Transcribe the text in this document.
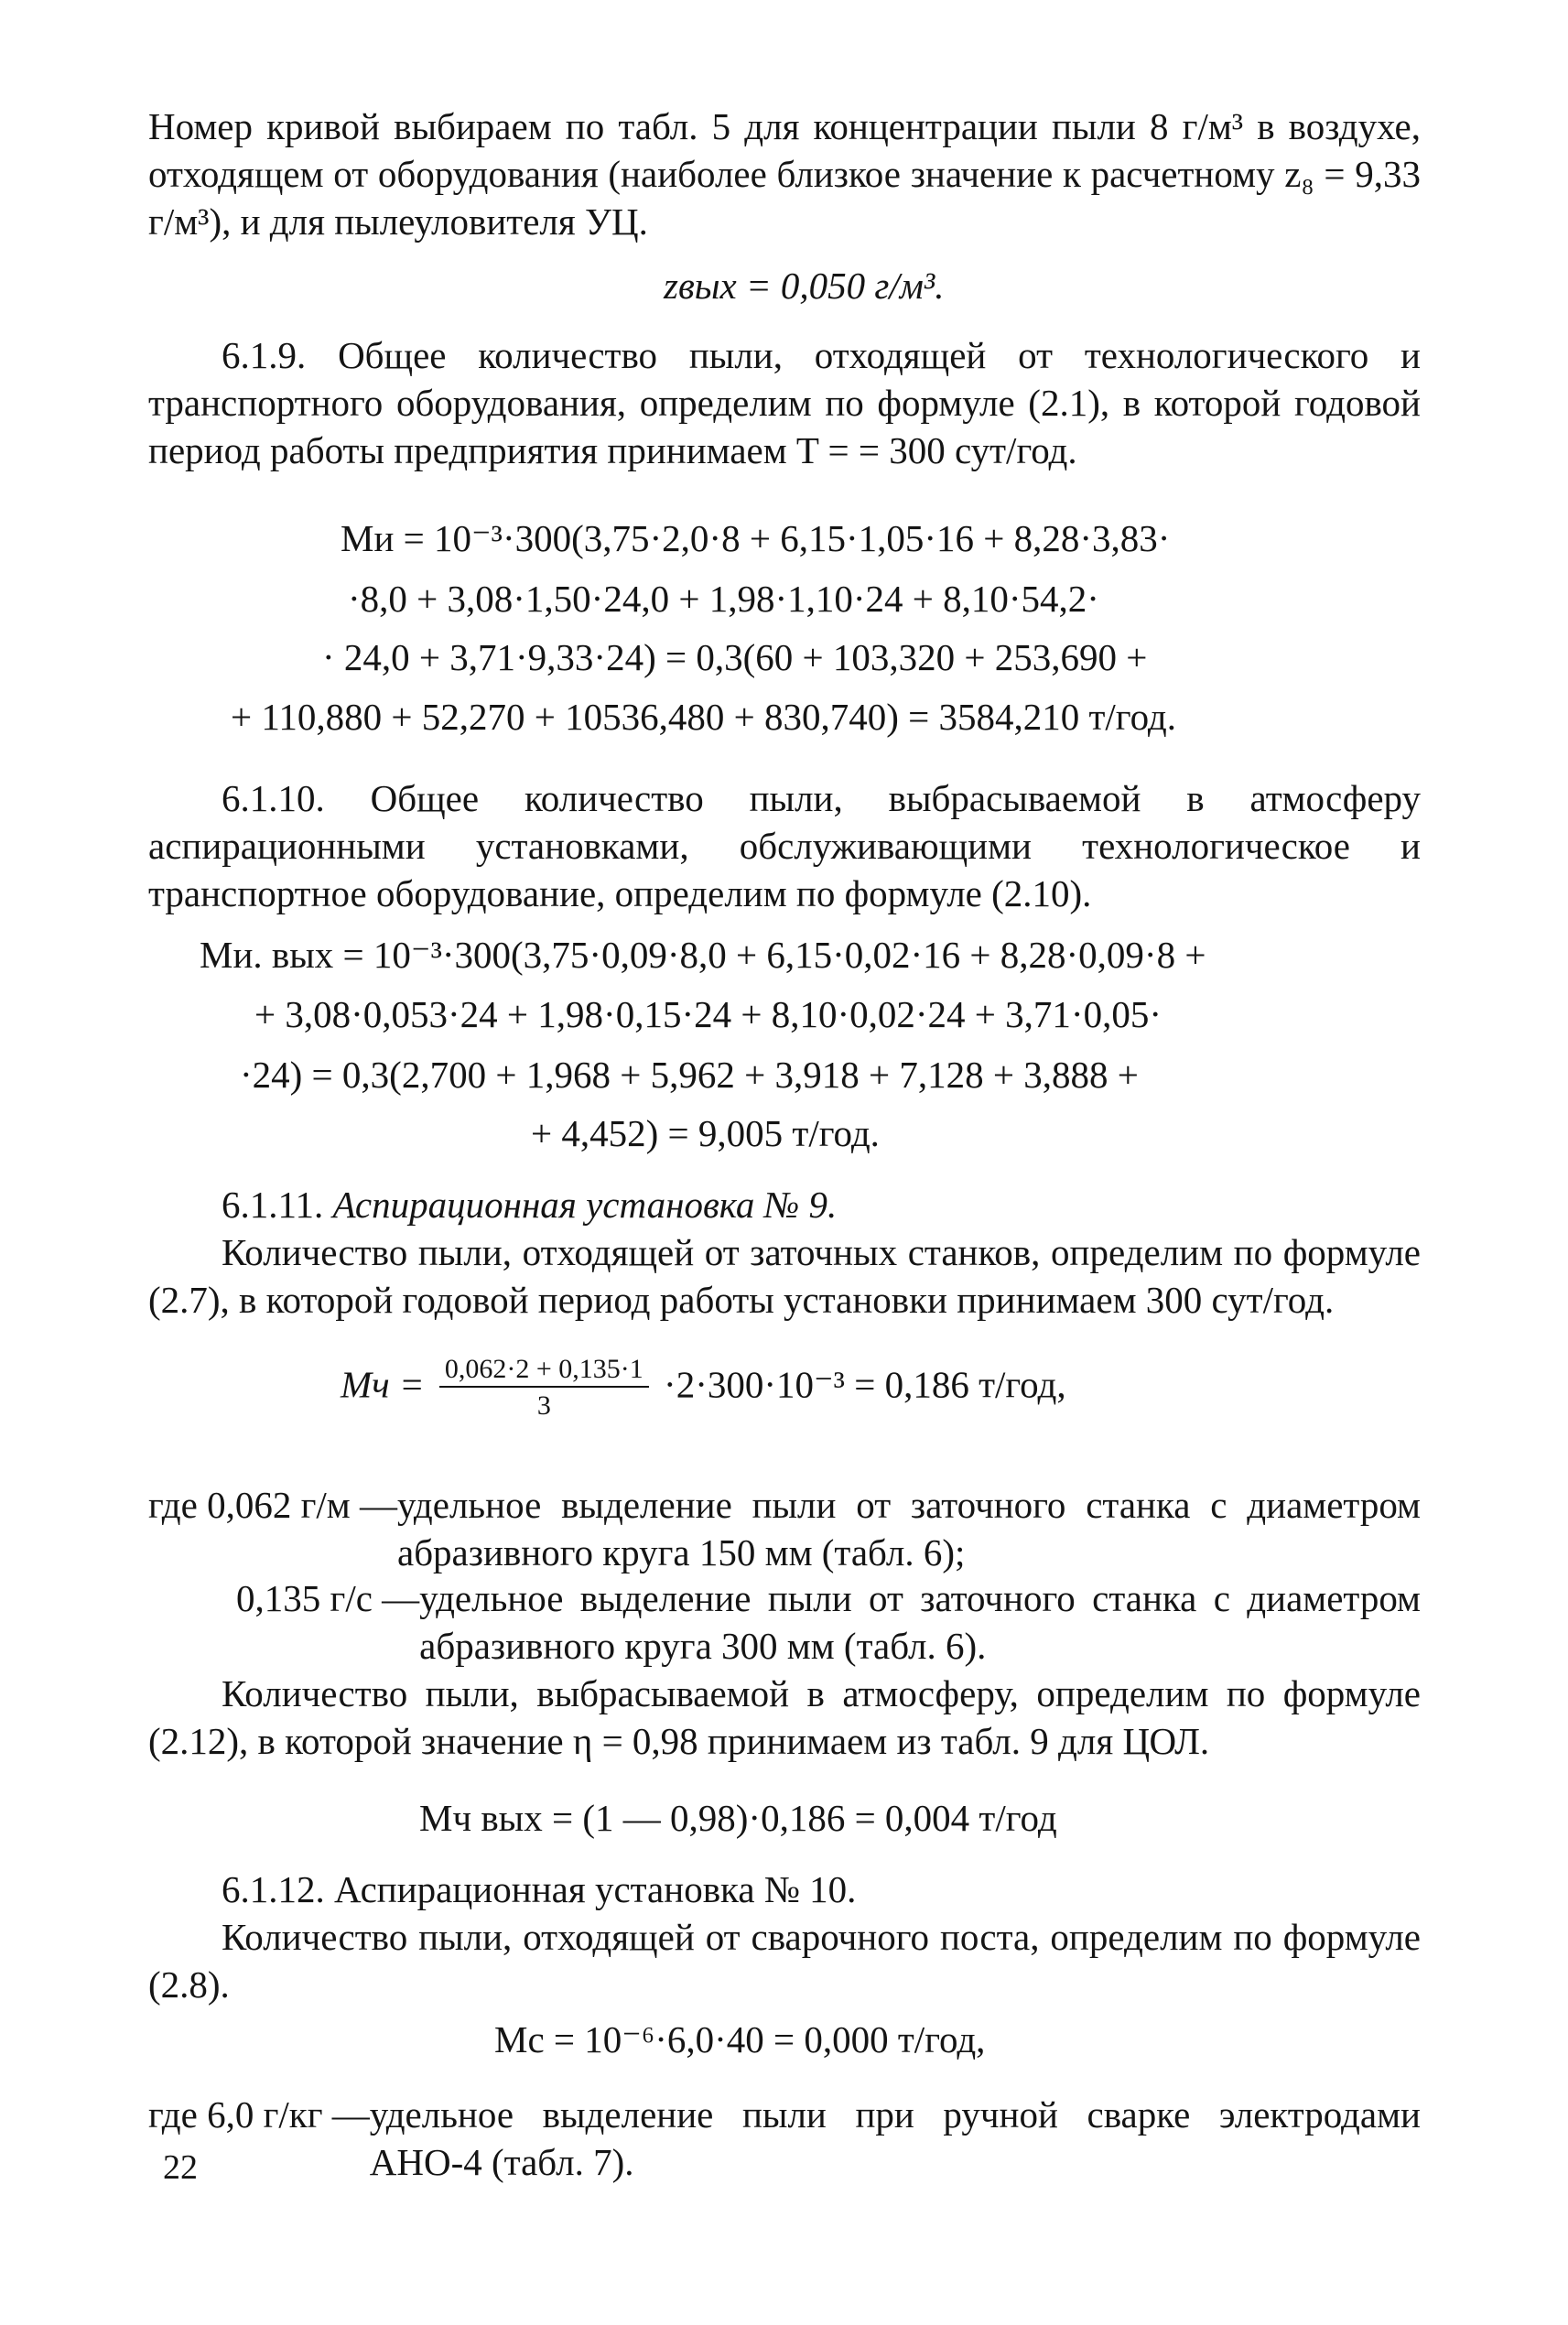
Номер кривой выбираем по табл. 5 для концентрации пыли 8 г/м³ в воздухе, отходящем от оборудования (наиболее близкое значение к расчетному z₈ = 9,33 г/м³), и для пылеуловителя УЦ.

zвых = 0,050 г/м³.

6.1.9. Общее количество пыли, отходящей от технологического и транспортного оборудования, определим по формуле (2.1), в которой годовой период работы предприятия принимаем T = = 300 сут/год.

Mи = 10⁻³·300(3,75·2,0·8 + 6,15·1,05·16 + 8,28·3,83·

·8,0 + 3,08·1,50·24,0 + 1,98·1,10·24 + 8,10·54,2·

· 24,0 + 3,71·9,33·24) = 0,3(60 + 103,320 + 253,690 +

+ 110,880 + 52,270 + 10536,480 + 830,740) = 3584,210 т/год.

6.1.10. Общее количество пыли, выбрасываемой в атмосферу аспирационными установками, обслуживающими технологическое и транспортное оборудование, определим по формуле (2.10).

Mи. вых = 10⁻³·300(3,75·0,09·8,0 + 6,15·0,02·16 + 8,28·0,09·8 +

+ 3,08·0,053·24 + 1,98·0,15·24 + 8,10·0,02·24 + 3,71·0,05·

·24) = 0,3(2,700 + 1,968 + 5,962 + 3,918 + 7,128 + 3,888 +

+ 4,452) = 9,005 т/год.

6.1.11. Аспирационная установка № 9.

Количество пыли, отходящей от заточных станков, определим по формуле (2.7), в которой годовой период работы установки принимаем 300 сут/год.

Mч = $\frac{0,062\cdot 2 + 0,135\cdot 1}{3} \cdot 2\cdot 300\cdot 10^{-3} = 0,186$ т/год,
где 0,062 г/м — удельное выделение пыли от заточного станка с диаметром абразивного круга 150 мм (табл. 6);
0,135 г/с — удельное выделение пыли от заточного станка с диаметром абразивного круга 300 мм (табл. 6).

Количество пыли, выбрасываемой в атмосферу, определим по формуле (2.12), в которой значение η = 0,98 принимаем из табл. 9 для ЦОЛ.

Mч вых = (1 — 0,98)·0,186 = 0,004 т/год

6.1.12. Аспирационная установка № 10.

Количество пыли, отходящей от сварочного поста, определим по формуле (2.8).

Mс = 10⁻⁶·6,0·40 = 0,000 т/год,

где 6,0 г/кг — удельное выделение пыли при ручной сварке электродами АНО-4 (табл. 7).
22
